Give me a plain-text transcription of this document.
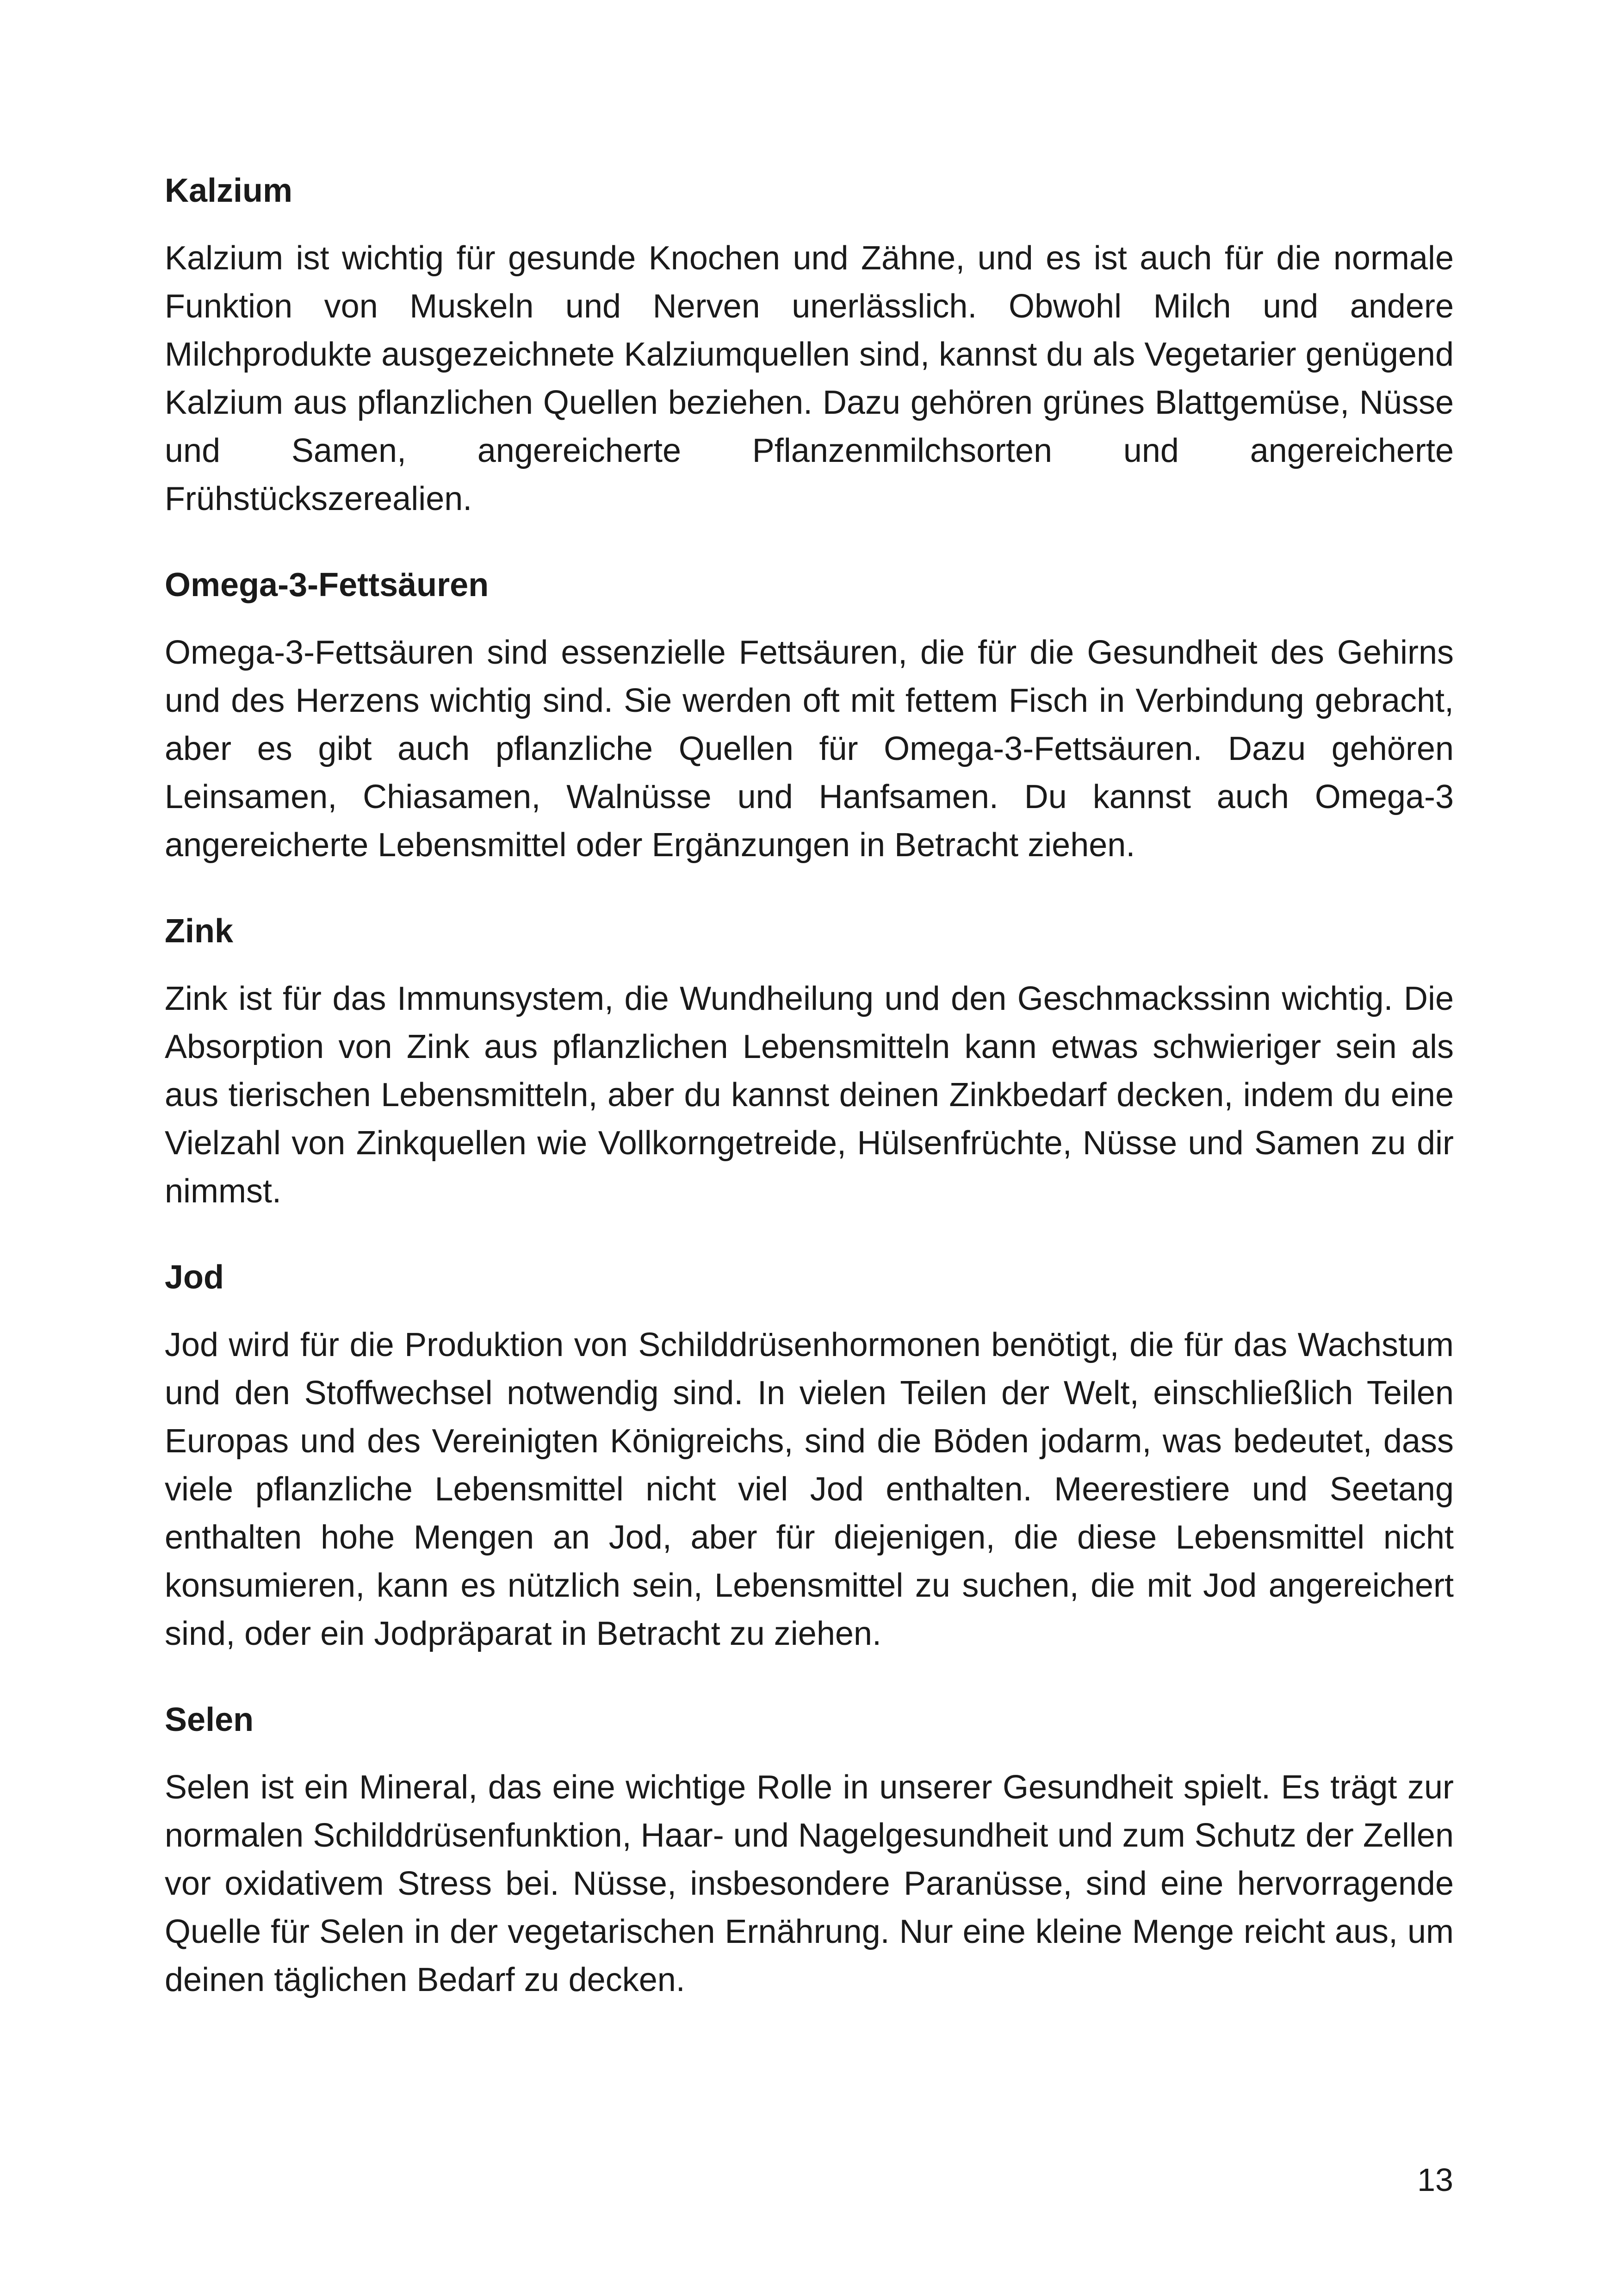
Kalzium

Kalzium ist wichtig für gesunde Knochen und Zähne, und es ist auch für die normale Funktion von Muskeln und Nerven unerlässlich. Obwohl Milch und andere Milchprodukte ausgezeichnete Kalziumquellen sind, kannst du als Vegetarier genügend Kalzium aus pflanzlichen Quellen beziehen. Dazu gehören grünes Blattgemüse, Nüsse und Samen, angereicherte Pflanzenmilchsorten und angereicherte Frühstückszerealien.

Omega-3-Fettsäuren

Omega-3-Fettsäuren sind essenzielle Fettsäuren, die für die Gesundheit des Gehirns und des Herzens wichtig sind. Sie werden oft mit fettem Fisch in Verbindung gebracht, aber es gibt auch pflanzliche Quellen für Omega-3-Fettsäuren. Dazu gehören Leinsamen, Chiasamen, Walnüsse und Hanfsamen. Du kannst auch Omega-3 angereicherte Lebensmittel oder Ergänzungen in Betracht ziehen.

Zink

Zink ist für das Immunsystem, die Wundheilung und den Geschmackssinn wichtig. Die Absorption von Zink aus pflanzlichen Lebensmitteln kann etwas schwieriger sein als aus tierischen Lebensmitteln, aber du kannst deinen Zinkbedarf decken, indem du eine Vielzahl von Zinkquellen wie Vollkorngetreide, Hülsenfrüchte, Nüsse und Samen zu dir nimmst.

Jod

Jod wird für die Produktion von Schilddrüsenhormonen benötigt, die für das Wachstum und den Stoffwechsel notwendig sind. In vielen Teilen der Welt, einschließlich Teilen Europas und des Vereinigten Königreichs, sind die Böden jodarm, was bedeutet, dass viele pflanzliche Lebensmittel nicht viel Jod enthalten. Meerestiere und Seetang enthalten hohe Mengen an Jod, aber für diejenigen, die diese Lebensmittel nicht konsumieren, kann es nützlich sein, Lebensmittel zu suchen, die mit Jod angereichert sind, oder ein Jodpräparat in Betracht zu ziehen.

Selen

Selen ist ein Mineral, das eine wichtige Rolle in unserer Gesundheit spielt. Es trägt zur normalen Schilddrüsenfunktion, Haar- und Nagelgesundheit und zum Schutz der Zellen vor oxidativem Stress bei. Nüsse, insbesondere Paranüsse, sind eine hervorragende Quelle für Selen in der vegetarischen Ernährung. Nur eine kleine Menge reicht aus, um deinen täglichen Bedarf zu decken.

13
